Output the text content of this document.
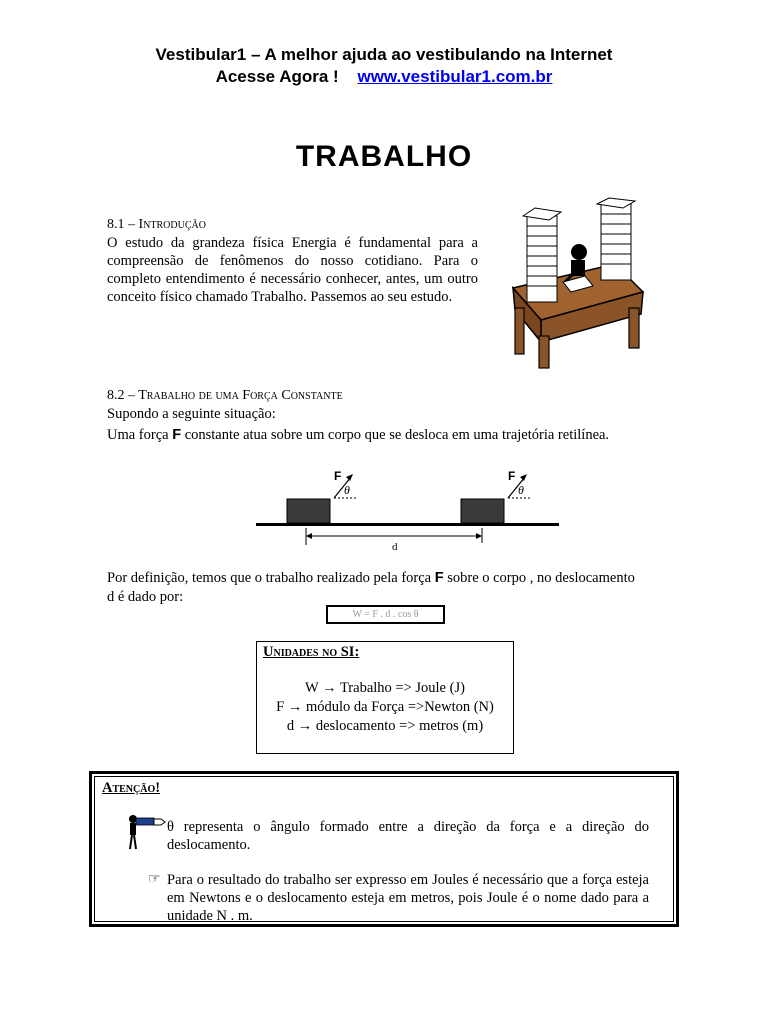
Vestibular1 – A melhor ajuda ao vestibulando na Internet
Acesse Agora ! www.vestibular1.com.br
TRABALHO
8.1 – Introdução
O estudo da grandeza física Energia é fundamental para a compreensão de fenômenos do nosso cotidiano. Para o completo entendimento é necessário conhecer, antes, um outro conceito físico chamado Trabalho. Passemos ao seu estudo.
8.2 – Trabalho de uma Força Constante
Supondo a seguinte situação:
Uma força F constante atua sobre um corpo que se desloca em uma trajetória retilínea.
F
θ
F
θ
d
Por definição, temos que o trabalho realizado pela força F sobre o corpo , no deslocamento
d é dado por:
W = F . d . cos θ
Unidades no SI:
W → Trabalho => Joule (J)
F → módulo da Força =>Newton (N)
d → deslocamento => metros (m)
Atenção!
θ representa o ângulo formado entre a direção da força e a direção do deslocamento.
☞ Para o resultado do trabalho ser expresso em Joules é necessário que a força esteja em Newtons e o deslocamento esteja em metros, pois Joule é o nome dado para a unidade N . m.
